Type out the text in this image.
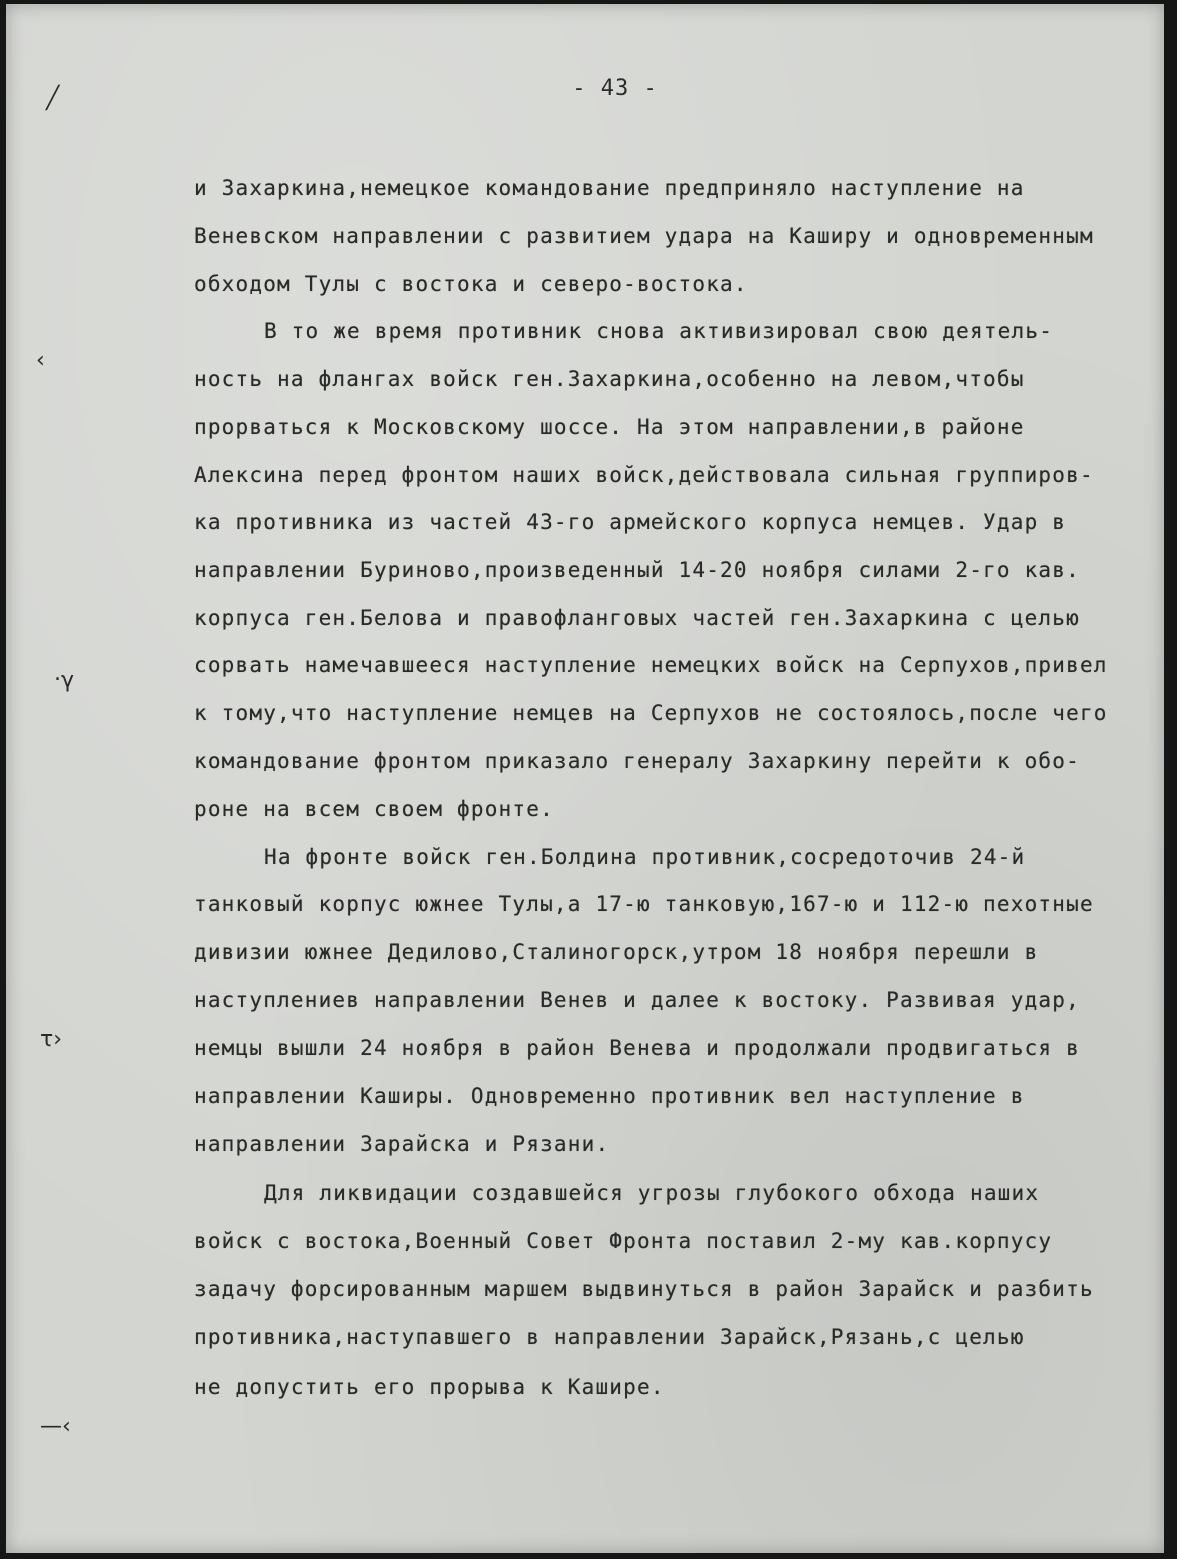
- 43 -

и Захаркина,немецкое командование предприняло наступление на

Веневском направлении с развитием удара на Каширу и одновременным

обходом Тулы с востока и северо-востока.

В то же время противник снова активизировал свою деятель-

ность на флангах войск ген.Захаркина,особенно на левом,чтобы

прорваться к Московскому шоссе. На этом направлении,в районе

Алексина перед фронтом наших войск,действовала сильная группиров-

ка противника из частей 43-го армейского корпуса немцев. Удар в

направлении Буриново,произведенный 14-20 ноября силами 2-го кав.

корпуса ген.Белова и правофланговых частей ген.Захаркина с целью

сорвать намечавшееся наступление немецких войск на Серпухов,привел

к тому,что наступление немцев на Серпухов не состоялось,после чего

командование фронтом приказало генералу Захаркину перейти к обо-

роне на всем своем фронте.

На фронте войск ген.Болдина противник,сосредоточив 24-й

танковый корпус южнее Тулы,а 17-ю танковую,167-ю и 112-ю пехотные

дивизии южнее Дедилово,Сталиногорск,утром 18 ноября перешли в

наступлениев направлении Венев и далее к востоку. Развивая удар,

немцы вышли 24 ноября в район Венева и продолжали продвигаться в

направлении Каширы. Одновременно противник вел наступление в

направлении Зарайска и Рязани.

Для ликвидации создавшейся угрозы глубокого обхода наших

войск с востока,Военный Совет Фронта поставил 2-му кав.корпусу

задачу форсированным маршем выдвинуться в район Зарайск и разбить

противника,наступавшего в направлении Зарайск,Рязань,с целью

не допустить его прорыва к Кашире.

╱
‹
‧γ
τ›
—‹
